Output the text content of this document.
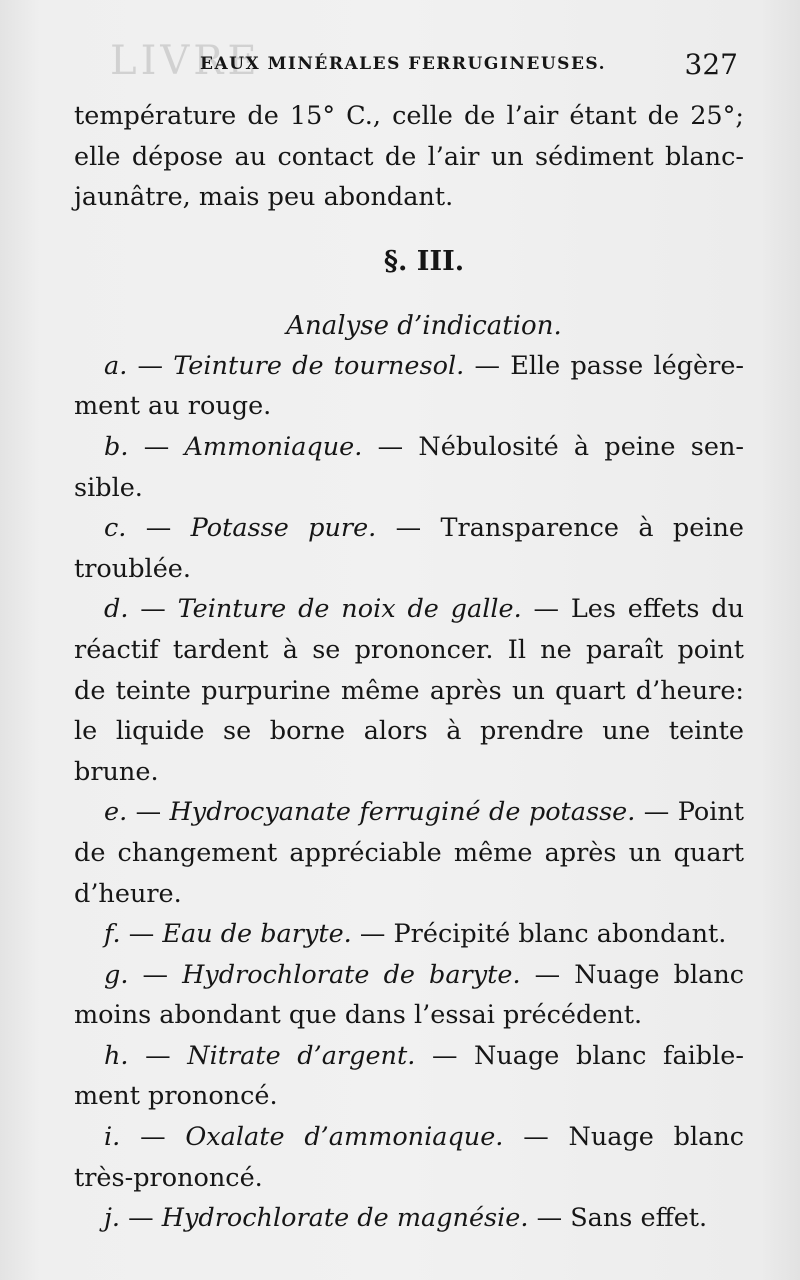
LIVRE
EAUX MINÉRALES FERRUGINEUSES.	327
température de 15° C., celle de l’air étant de 25°;
elle dépose au contact de l’air un sédiment blanc-
jaunâtre, mais peu abondant.
§. III.
Analyse d’indication.
a. — Teinture de tournesol. — Elle passe légère-
ment au rouge.
b. — Ammoniaque. — Nébulosité à peine sen-
sible.
c. — Potasse pure. — Transparence à peine
troublée.
d. — Teinture de noix de galle. — Les effets du
réactif tardent à se prononcer. Il ne paraît point
de teinte purpurine même après un quart d’heure:
le liquide se borne alors à prendre une teinte
brune.
e. — Hydrocyanate ferruginé de potasse. — Point
de changement appréciable même après un quart
d’heure.
f. — Eau de baryte. — Précipité blanc abondant.
g. — Hydrochlorate de baryte. — Nuage blanc
moins abondant que dans l’essai précédent.
h. — Nitrate d’argent. — Nuage blanc faible-
ment prononcé.
i. — Oxalate d’ammoniaque. — Nuage blanc
très-prononcé.
j. — Hydrochlorate de magnésie. — Sans effet.
